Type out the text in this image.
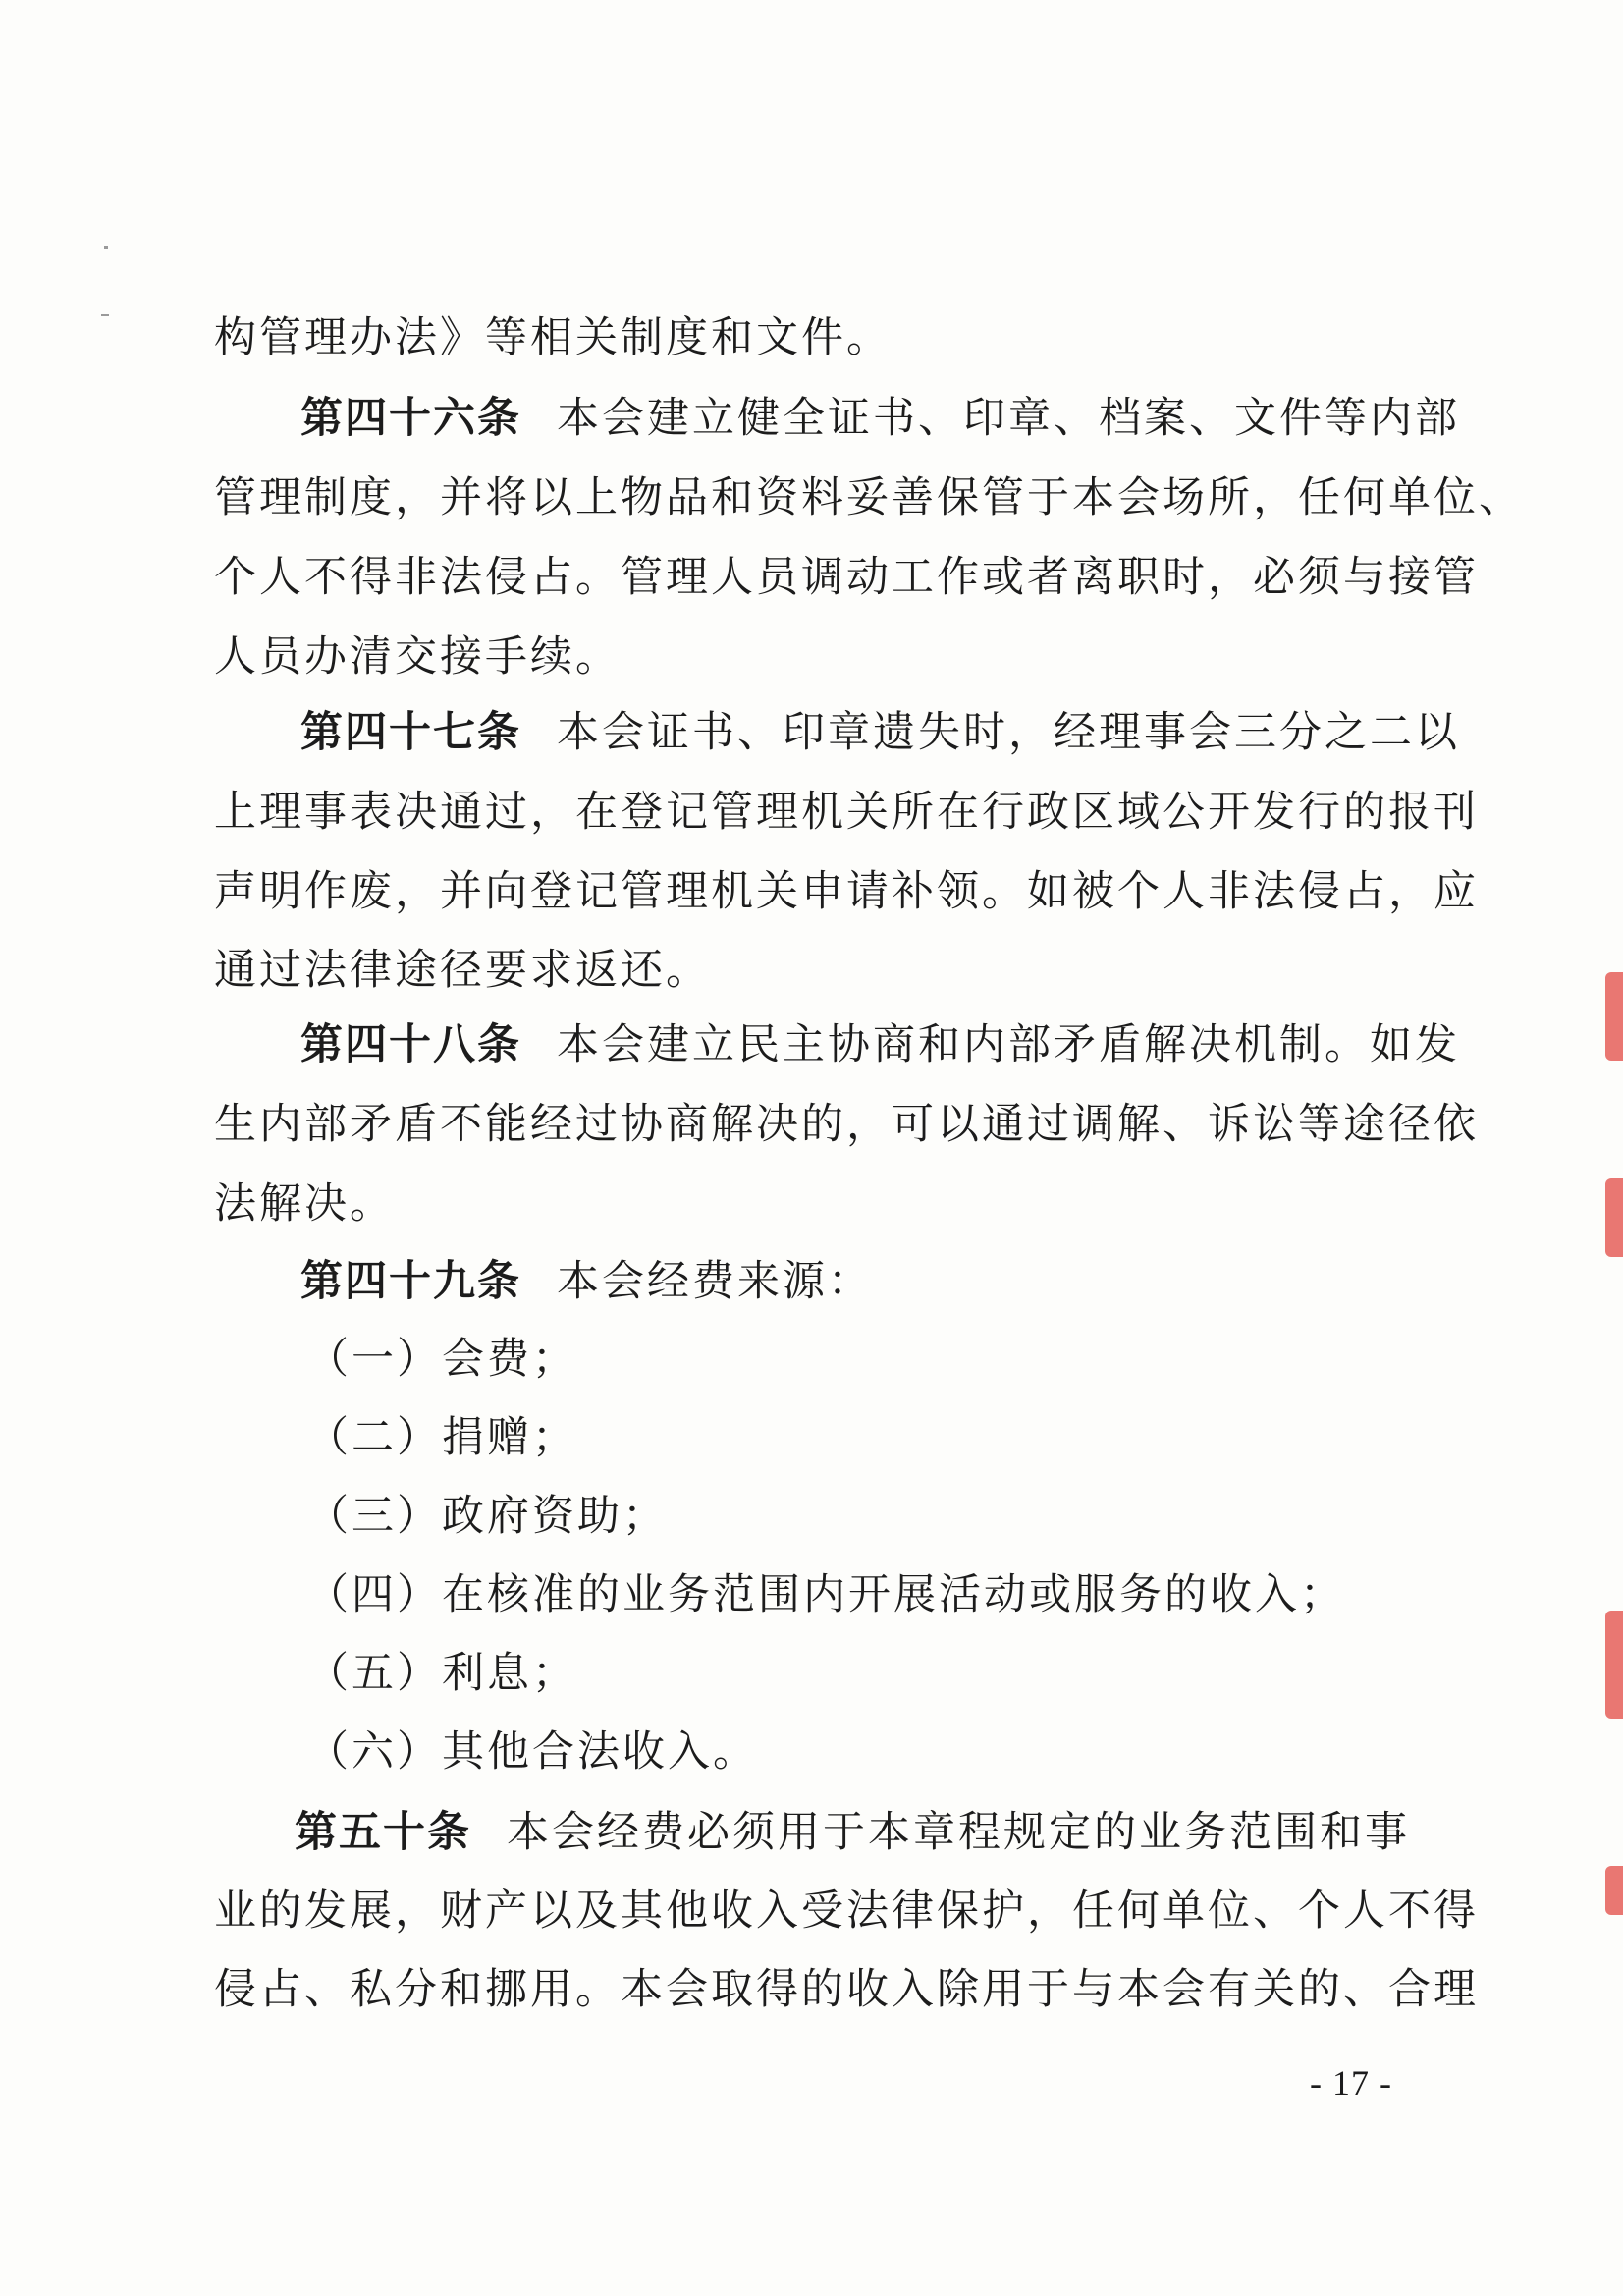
构管理办法》等相关制度和文件。
第四十六条 本会建立健全证书、印章、档案、文件等内部
管理制度，并将以上物品和资料妥善保管于本会场所，任何单位、
个人不得非法侵占。管理人员调动工作或者离职时，必须与接管
人员办清交接手续。
第四十七条 本会证书、印章遗失时，经理事会三分之二以
上理事表决通过，在登记管理机关所在行政区域公开发行的报刊
声明作废，并向登记管理机关申请补领。如被个人非法侵占，应
通过法律途径要求返还。
第四十八条 本会建立民主协商和内部矛盾解决机制。如发
生内部矛盾不能经过协商解决的，可以通过调解、诉讼等途径依
法解决。
第四十九条 本会经费来源：
（一）会费；
（二）捐赠；
（三）政府资助；
（四）在核准的业务范围内开展活动或服务的收入；
（五）利息；
（六）其他合法收入。
第五十条 本会经费必须用于本章程规定的业务范围和事
业的发展，财产以及其他收入受法律保护，任何单位、个人不得
侵占、私分和挪用。本会取得的收入除用于与本会有关的、合理
- 17 -
